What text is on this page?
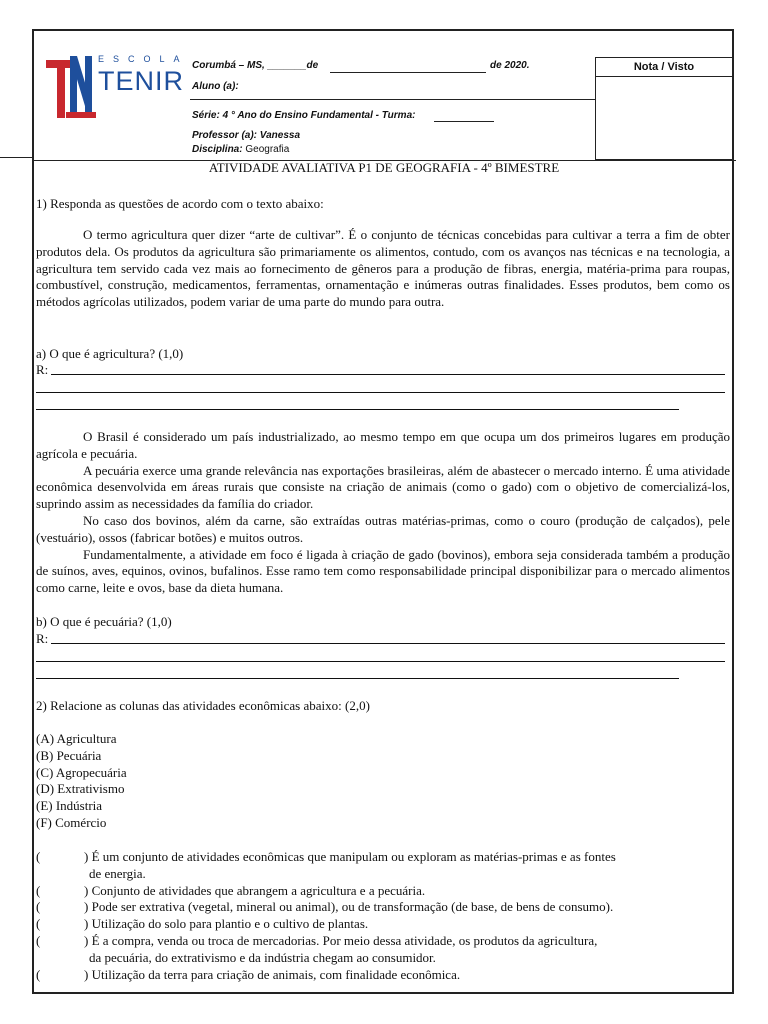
ESCOLA
TENIR
Corumbá – MS, _______de	de 2020.
Aluno (a):
Série: 4 ° Ano do Ensino Fundamental - Turma:
Professor (a): Vanessa
Disciplina: Geografia
Nota / Visto
ATIVIDADE AVALIATIVA P1 DE GEOGRAFIA - 4º BIMESTRE
1) Responda as questões de acordo com o texto abaixo:

O termo agricultura quer dizer “arte de cultivar”. É o conjunto de técnicas concebidas para cultivar a terra a fim de obter produtos dela. Os produtos da agricultura são primariamente os alimentos, contudo, com os avanços nas técnicas e na tecnologia, a agricultura tem servido cada vez mais ao fornecimento de gêneros para a produção de fibras, energia, matéria-prima para roupas, combustível, construção, medicamentos, ferramentas, ornamentação e inúmeras outras finalidades. Esses produtos, bem como os métodos agrícolas utilizados, podem variar de uma parte do mundo para outra.

a) O que é agricultura? (1,0)
R:

O Brasil é considerado um país industrializado, ao mesmo tempo em que ocupa um dos primeiros lugares em produção agrícola e pecuária.

A pecuária exerce uma grande relevância nas exportações brasileiras, além de abastecer o mercado interno. É uma atividade econômica desenvolvida em áreas rurais que consiste na criação de animais (como o gado) com o objetivo de comercializá-los, suprindo assim as necessidades da família do criador.

No caso dos bovinos, além da carne, são extraídas outras matérias-primas, como o couro (produção de calçados), pele (vestuário), ossos (fabricar botões) e muitos outros.

Fundamentalmente, a atividade em foco é ligada à criação de gado (bovinos), embora seja considerada também a produção de suínos, aves, equinos, ovinos, bufalinos. Esse ramo tem como responsabilidade principal disponibilizar para o mercado alimentos como carne, leite e ovos, base da dieta humana.

b) O que é pecuária? (1,0)
R:
2) Relacione as colunas das atividades econômicas abaixo: (2,0)
(A) Agricultura
(B) Pecuária
(C) Agropecuária
(D) Extrativismo
(E) Indústria
(F) Comércio
(	) É um conjunto de atividades econômicas que manipulam ou exploram as matérias-primas e as fontes
de energia.
(	) Conjunto de atividades que abrangem a agricultura e a pecuária.
(	) Pode ser extrativa (vegetal, mineral ou animal), ou de transformação (de base, de bens de consumo).
(	) Utilização do solo para plantio e o cultivo de plantas.
(	) É a compra, venda ou troca de mercadorias. Por meio dessa atividade, os produtos da agricultura,
da pecuária, do extrativismo e da indústria chegam ao consumidor.
(	) Utilização da terra para criação de animais, com finalidade econômica.
